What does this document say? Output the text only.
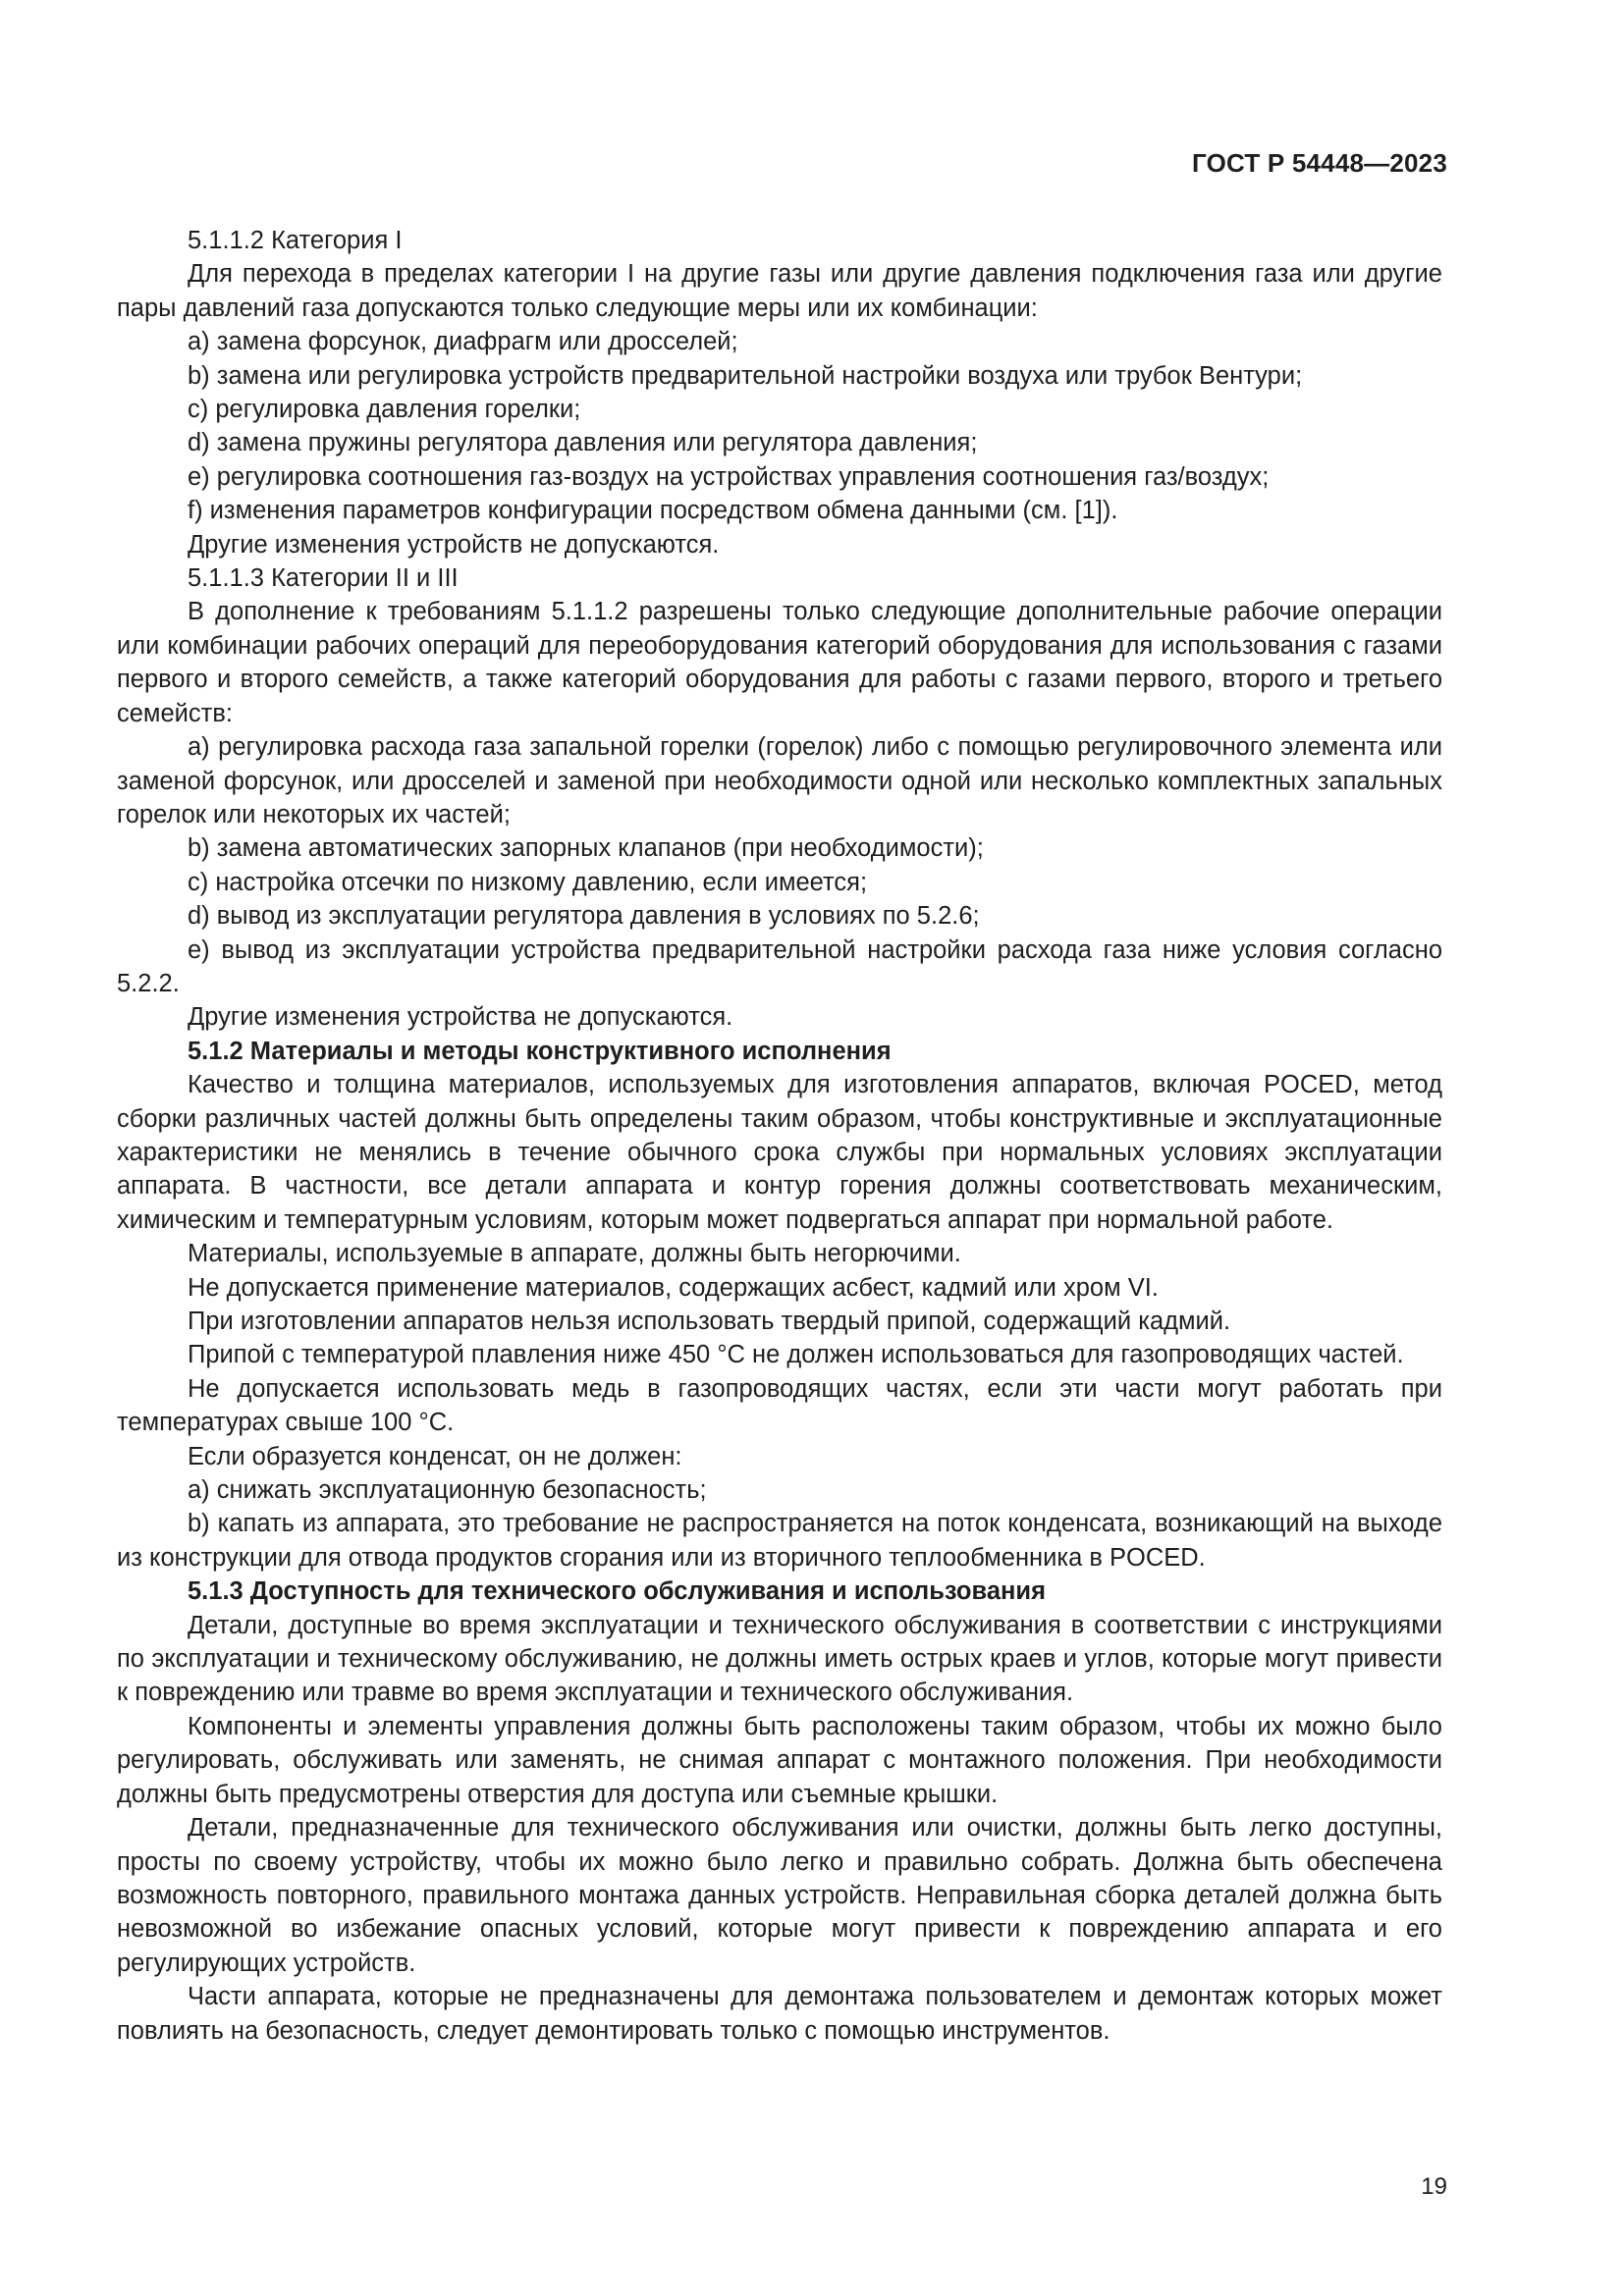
ГОСТ Р 54448—2023

5.1.1.2 Категория I

Для перехода в пределах категории I на другие газы или другие давления подключения газа или другие пары давлений газа допускаются только следующие меры или их комбинации:

a) замена форсунок, диафрагм или дросселей;

b) замена или регулировка устройств предварительной настройки воздуха или трубок Вентури;

c) регулировка давления горелки;

d) замена пружины регулятора давления или регулятора давления;

e) регулировка соотношения газ-воздух на устройствах управления соотношения газ/воздух;

f) изменения параметров конфигурации посредством обмена данными (см. [1]).

Другие изменения устройств не допускаются.

5.1.1.3 Категории II и III

В дополнение к требованиям 5.1.1.2 разрешены только следующие дополнительные рабочие операции или комбинации рабочих операций для переоборудования категорий оборудования для использования с газами первого и второго семейств, а также категорий оборудования для работы с газами первого, второго и третьего семейств:

a) регулировка расхода газа запальной горелки (горелок) либо с помощью регулировочного элемента или заменой форсунок, или дросселей и заменой при необходимости одной или несколько комплектных запальных горелок или некоторых их частей;

b) замена автоматических запорных клапанов (при необходимости);

c) настройка отсечки по низкому давлению, если имеется;

d) вывод из эксплуатации регулятора давления в условиях по 5.2.6;

e) вывод из эксплуатации устройства предварительной настройки расхода газа ниже условия согласно 5.2.2.

Другие изменения устройства не допускаются.

5.1.2 Материалы и методы конструктивного исполнения

Качество и толщина материалов, используемых для изготовления аппаратов, включая POCED, метод сборки различных частей должны быть определены таким образом, чтобы конструктивные и эксплуатационные характеристики не менялись в течение обычного срока службы при нормальных условиях эксплуатации аппарата. В частности, все детали аппарата и контур горения должны соответствовать механическим, химическим и температурным условиям, которым может подвергаться аппарат при нормальной работе.

Материалы, используемые в аппарате, должны быть негорючими.

Не допускается применение материалов, содержащих асбест, кадмий или хром VI.

При изготовлении аппаратов нельзя использовать твердый припой, содержащий кадмий.

Припой с температурой плавления ниже 450 °С не должен использоваться для газопроводящих частей.

Не допускается использовать медь в газопроводящих частях, если эти части могут работать при температурах свыше 100 °С.

Если образуется конденсат, он не должен:

a) снижать эксплуатационную безопасность;

b) капать из аппарата, это требование не распространяется на поток конденсата, возникающий на выходе из конструкции для отвода продуктов сгорания или из вторичного теплообменника в POCED.

5.1.3 Доступность для технического обслуживания и использования

Детали, доступные во время эксплуатации и технического обслуживания в соответствии с инструкциями по эксплуатации и техническому обслуживанию, не должны иметь острых краев и углов, которые могут привести к повреждению или травме во время эксплуатации и технического обслуживания.

Компоненты и элементы управления должны быть расположены таким образом, чтобы их можно было регулировать, обслуживать или заменять, не снимая аппарат с монтажного положения. При необходимости должны быть предусмотрены отверстия для доступа или съемные крышки.

Детали, предназначенные для технического обслуживания или очистки, должны быть легко доступны, просты по своему устройству, чтобы их можно было легко и правильно собрать. Должна быть обеспечена возможность повторного, правильного монтажа данных устройств. Неправильная сборка деталей должна быть невозможной во избежание опасных условий, которые могут привести к повреждению аппарата и его регулирующих устройств.

Части аппарата, которые не предназначены для демонтажа пользователем и демонтаж которых может повлиять на безопасность, следует демонтировать только с помощью инструментов.

19
